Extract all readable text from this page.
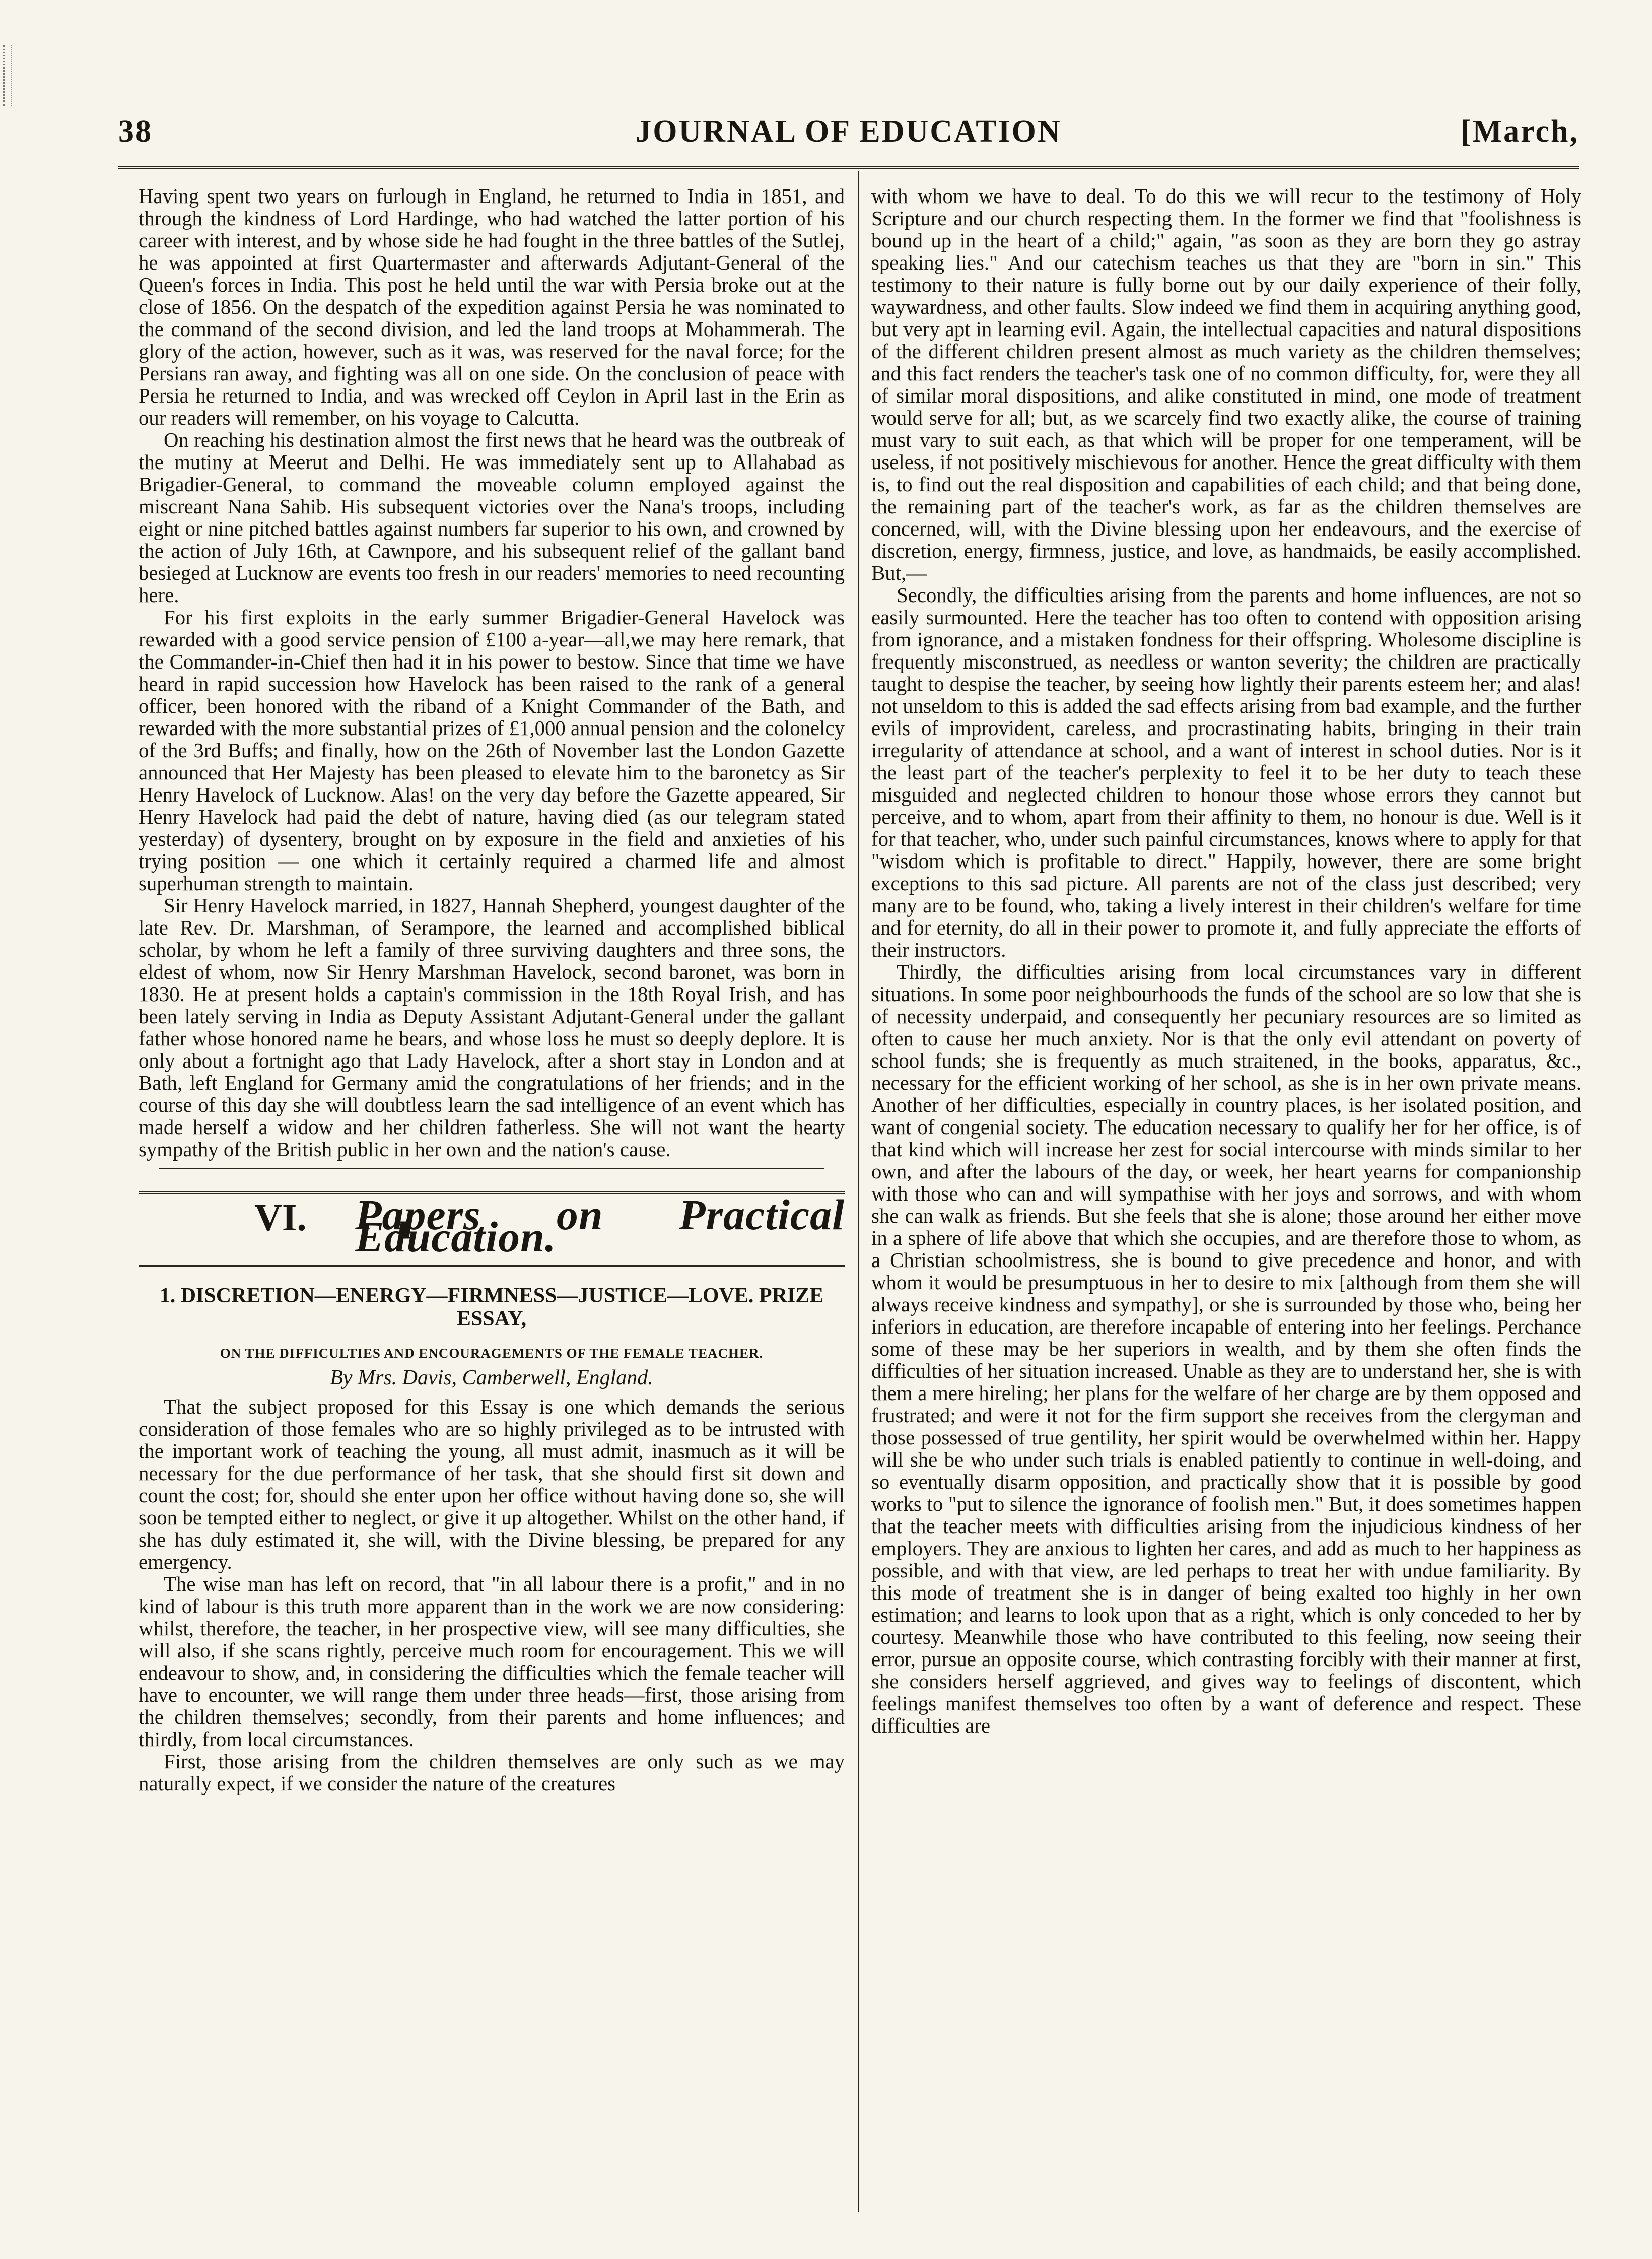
38	JOURNAL OF EDUCATION	[March,

Having spent two years on furlough in England, he returned to India in 1851, and through the kindness of Lord Hardinge, who had watched the latter portion of his career with interest, and by whose side he had fought in the three battles of the Sutlej, he was appointed at first Quartermaster and afterwards Adjutant-General of the Queen's forces in India. This post he held until the war with Persia broke out at the close of 1856. On the despatch of the expedition against Persia he was nominated to the command of the second division, and led the land troops at Mohammerah. The glory of the action, however, such as it was, was reserved for the naval force; for the Persians ran away, and fighting was all on one side. On the conclusion of peace with Persia he returned to India, and was wrecked off Ceylon in April last in the Erin as our readers will remember, on his voyage to Calcutta.

On reaching his destination almost the first news that he heard was the outbreak of the mutiny at Meerut and Delhi. He was immediately sent up to Allahabad as Brigadier-General, to command the moveable column employed against the miscreant Nana Sahib. His subsequent victories over the Nana's troops, including eight or nine pitched battles against numbers far superior to his own, and crowned by the action of July 16th, at Cawnpore, and his subsequent relief of the gallant band besieged at Lucknow are events too fresh in our readers' memories to need recounting here.

For his first exploits in the early summer Brigadier-General Havelock was rewarded with a good service pension of £100 a-year—all,we may here remark, that the Commander-in-Chief then had it in his power to bestow. Since that time we have heard in rapid succession how Havelock has been raised to the rank of a general officer, been honored with the riband of a Knight Commander of the Bath, and rewarded with the more substantial prizes of £1,000 annual pension and the colonelcy of the 3rd Buffs; and finally, how on the 26th of November last the London Gazette announced that Her Majesty has been pleased to elevate him to the baronetcy as Sir Henry Havelock of Lucknow. Alas! on the very day before the Gazette appeared, Sir Henry Havelock had paid the debt of nature, having died (as our telegram stated yesterday) of dysentery, brought on by exposure in the field and anxieties of his trying position — one which it certainly required a charmed life and almost superhuman strength to maintain.

Sir Henry Havelock married, in 1827, Hannah Shepherd, youngest daughter of the late Rev. Dr. Marshman, of Serampore, the learned and accomplished biblical scholar, by whom he left a family of three surviving daughters and three sons, the eldest of whom, now Sir Henry Marshman Havelock, second baronet, was born in 1830. He at present holds a captain's commission in the 18th Royal Irish, and has been lately serving in India as Deputy Assistant Adjutant-General under the gallant father whose honored name he bears, and whose loss he must so deeply deplore. It is only about a fortnight ago that Lady Havelock, after a short stay in London and at Bath, left England for Germany amid the congratulations of her friends; and in the course of this day she will doubtless learn the sad intelligence of an event which has made herself a widow and her children fatherless. She will not want the hearty sympathy of the British public in her own and the nation's cause.

VI. Papers on Practical Education.
1. DISCRETION—ENERGY—FIRMNESS—JUSTICE—LOVE. PRIZE ESSAY,
ON THE DIFFICULTIES AND ENCOURAGEMENTS OF THE FEMALE TEACHER.
By Mrs. Davis, Camberwell, England.

That the subject proposed for this Essay is one which demands the serious consideration of those females who are so highly privileged as to be intrusted with the important work of teaching the young, all must admit, inasmuch as it will be necessary for the due performance of her task, that she should first sit down and count the cost; for, should she enter upon her office without having done so, she will soon be tempted either to neglect, or give it up altogether. Whilst on the other hand, if she has duly estimated it, she will, with the Divine blessing, be prepared for any emergency.

The wise man has left on record, that "in all labour there is a profit," and in no kind of labour is this truth more apparent than in the work we are now considering: whilst, therefore, the teacher, in her prospective view, will see many difficulties, she will also, if she scans rightly, perceive much room for encouragement. This we will endeavour to show, and, in considering the difficulties which the female teacher will have to encounter, we will range them under three heads—first, those arising from the children themselves; secondly, from their parents and home influences; and thirdly, from local circumstances.

First, those arising from the children themselves are only such as we may naturally expect, if we consider the nature of the creatures

with whom we have to deal. To do this we will recur to the testimony of Holy Scripture and our church respecting them. In the former we find that "foolishness is bound up in the heart of a child;" again, "as soon as they are born they go astray speaking lies." And our catechism teaches us that they are "born in sin." This testimony to their nature is fully borne out by our daily experience of their folly, waywardness, and other faults. Slow indeed we find them in acquiring anything good, but very apt in learning evil. Again, the intellectual capacities and natural dispositions of the different children present almost as much variety as the children themselves; and this fact renders the teacher's task one of no common difficulty, for, were they all of similar moral dispositions, and alike constituted in mind, one mode of treatment would serve for all; but, as we scarcely find two exactly alike, the course of training must vary to suit each, as that which will be proper for one temperament, will be useless, if not positively mischievous for another. Hence the great difficulty with them is, to find out the real disposition and capabilities of each child; and that being done, the remaining part of the teacher's work, as far as the children themselves are concerned, will, with the Divine blessing upon her endeavours, and the exercise of discretion, energy, firmness, justice, and love, as handmaids, be easily accomplished. But,—

Secondly, the difficulties arising from the parents and home influences, are not so easily surmounted. Here the teacher has too often to contend with opposition arising from ignorance, and a mistaken fondness for their offspring. Wholesome discipline is frequently misconstrued, as needless or wanton severity; the children are practically taught to despise the teacher, by seeing how lightly their parents esteem her; and alas! not unseldom to this is added the sad effects arising from bad example, and the further evils of improvident, careless, and procrastinating habits, bringing in their train irregularity of attendance at school, and a want of interest in school duties. Nor is it the least part of the teacher's perplexity to feel it to be her duty to teach these misguided and neglected children to honour those whose errors they cannot but perceive, and to whom, apart from their affinity to them, no honour is due. Well is it for that teacher, who, under such painful circumstances, knows where to apply for that "wisdom which is profitable to direct." Happily, however, there are some bright exceptions to this sad picture. All parents are not of the class just described; very many are to be found, who, taking a lively interest in their children's welfare for time and for eternity, do all in their power to promote it, and fully appreciate the efforts of their instructors.

Thirdly, the difficulties arising from local circumstances vary in different situations. In some poor neighbourhoods the funds of the school are so low that she is of necessity underpaid, and consequently her pecuniary resources are so limited as often to cause her much anxiety. Nor is that the only evil attendant on poverty of school funds; she is frequently as much straitened, in the books, apparatus, &c., necessary for the efficient working of her school, as she is in her own private means. Another of her difficulties, especially in country places, is her isolated position, and want of congenial society. The education necessary to qualify her for her office, is of that kind which will increase her zest for social intercourse with minds similar to her own, and after the labours of the day, or week, her heart yearns for companionship with those who can and will sympathise with her joys and sorrows, and with whom she can walk as friends. But she feels that she is alone; those around her either move in a sphere of life above that which she occupies, and are therefore those to whom, as a Christian schoolmistress, she is bound to give precedence and honor, and with whom it would be presumptuous in her to desire to mix [although from them she will always receive kindness and sympathy], or she is surrounded by those who, being her inferiors in education, are therefore incapable of entering into her feelings. Perchance some of these may be her superiors in wealth, and by them she often finds the difficulties of her situation increased. Unable as they are to understand her, she is with them a mere hireling; her plans for the welfare of her charge are by them opposed and frustrated; and were it not for the firm support she receives from the clergyman and those possessed of true gentility, her spirit would be overwhelmed within her. Happy will she be who under such trials is enabled patiently to continue in well-doing, and so eventually disarm opposition, and practically show that it is possible by good works to "put to silence the ignorance of foolish men." But, it does sometimes happen that the teacher meets with difficulties arising from the injudicious kindness of her employers. They are anxious to lighten her cares, and add as much to her happiness as possible, and with that view, are led perhaps to treat her with undue familiarity. By this mode of treatment she is in danger of being exalted too highly in her own estimation; and learns to look upon that as a right, which is only conceded to her by courtesy. Meanwhile those who have contributed to this feeling, now seeing their error, pursue an opposite course, which contrasting forcibly with their manner at first, she considers herself aggrieved, and gives way to feelings of discontent, which feelings manifest themselves too often by a want of deference and respect. These difficulties are
